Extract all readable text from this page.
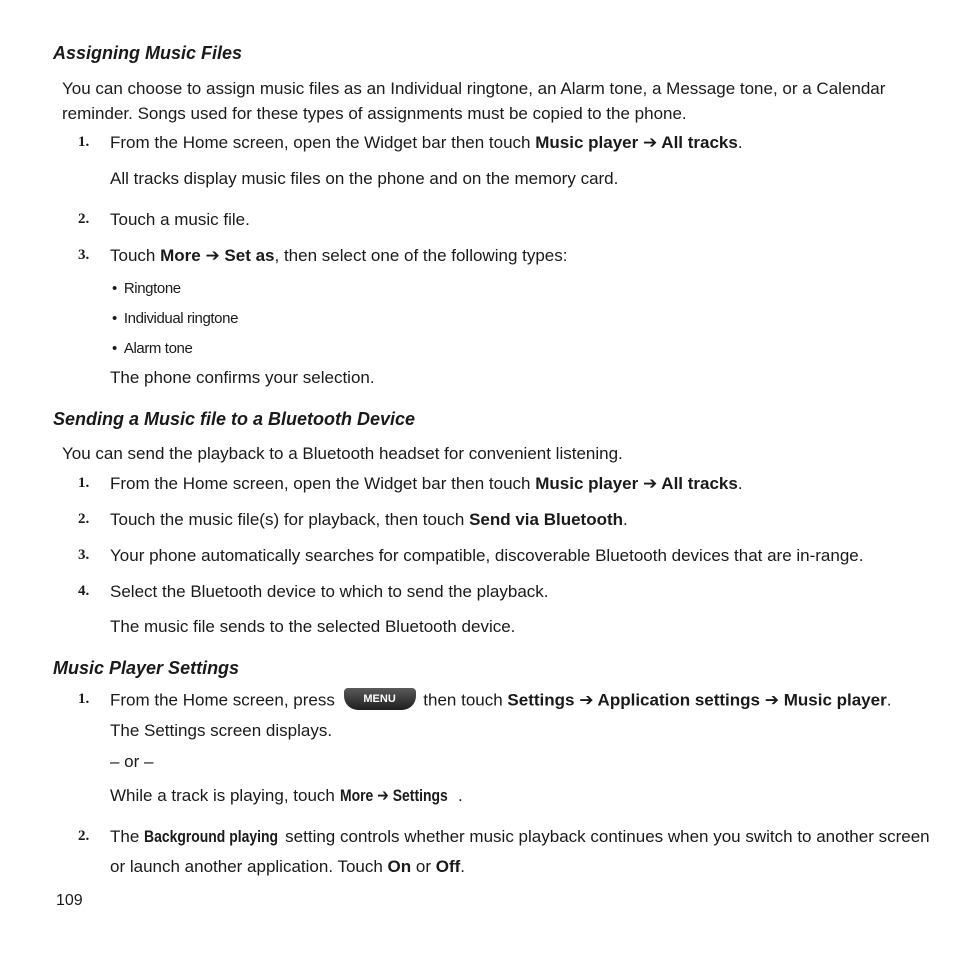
Assigning Music Files
You can choose to assign music files as an Individual ringtone, an Alarm tone, a Message tone, or a Calendar
reminder. Songs used for these types of assignments must be copied to the phone.
1. From the Home screen, open the Widget bar then touch Music player ➔ All tracks.
All tracks display music files on the phone and on the memory card.
2. Touch a music file.
3. Touch More ➔ Set as, then select one of the following types:
• Ringtone
• Individual ringtone
• Alarm tone
The phone confirms your selection.
Sending a Music file to a Bluetooth Device
You can send the playback to a Bluetooth headset for convenient listening.
1. From the Home screen, open the Widget bar then touch Music player ➔ All tracks.
2. Touch the music file(s) for playback, then touch Send via Bluetooth.
3. Your phone automatically searches for compatible, discoverable Bluetooth devices that are in-range.
4. Select the Bluetooth device to which to send the playback.
The music file sends to the selected Bluetooth device.
Music Player Settings
1. From the Home screen, press MENU then touch Settings ➔ Application settings ➔ Music player.
The Settings screen displays.
– or –
While a track is playing, touch More ➔ Settings .
2. The Background playing setting controls whether music playback continues when you switch to another screen
or launch another application. Touch On or Off.
109
